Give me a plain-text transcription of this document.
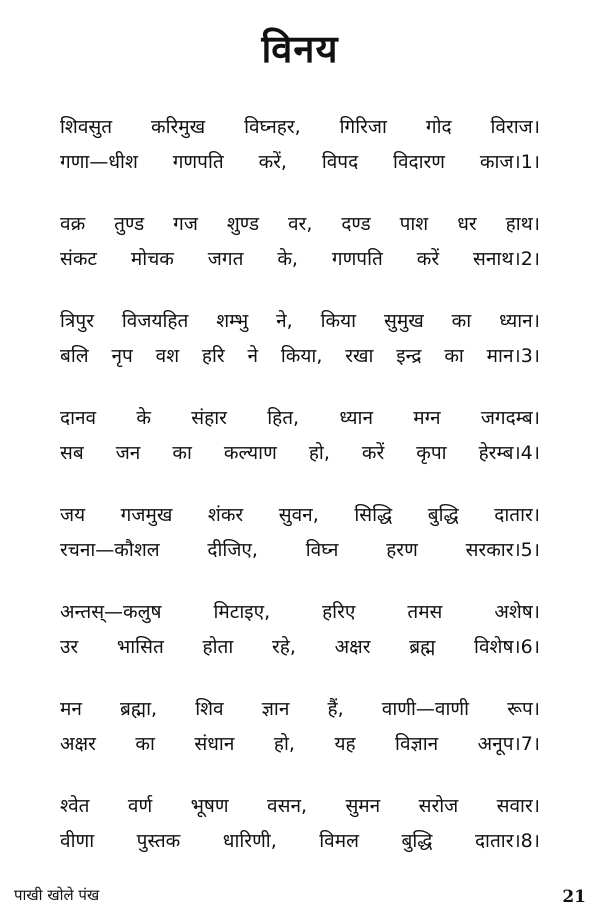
विनय
शिवसुत करिमुख विघ्नहर, गिरिजा गोद विराज।
गणा—धीश गणपति करें, विपद विदारण काज।1।
वक्र तुण्ड गज शुण्ड वर, दण्ड पाश धर हाथ।
संकट मोचक जगत के, गणपति करें सनाथ।2।
त्रिपुर विजयहित शम्भु ने, किया सुमुख का ध्यान।
बलि नृप वश हरि ने किया, रखा इन्द्र का मान।3।
दानव के संहार हित, ध्यान मग्न जगदम्ब।
सब जन का कल्याण हो, करें कृपा हेरम्ब।4।
जय गजमुख शंकर सुवन, सिद्धि बुद्धि दातार।
रचना—कौशल	दीजिए,	विघ्न	हरण	सरकार।5।
अन्तस्—कलुष	मिटाइए,	हरिए	तमस	अशेष।
उर भासित होता रहे, अक्षर ब्रह्म विशेष।6।
मन ब्रह्मा, शिव ज्ञान हैं, वाणी—वाणी रूप।
अक्षर का संधान हो, यह विज्ञान अनूप।7।
श्वेत वर्ण भूषण वसन, सुमन सरोज सवार।
वीणा पुस्तक धारिणी, विमल बुद्धि दातार।8।
पाखी खोले पंख	21
